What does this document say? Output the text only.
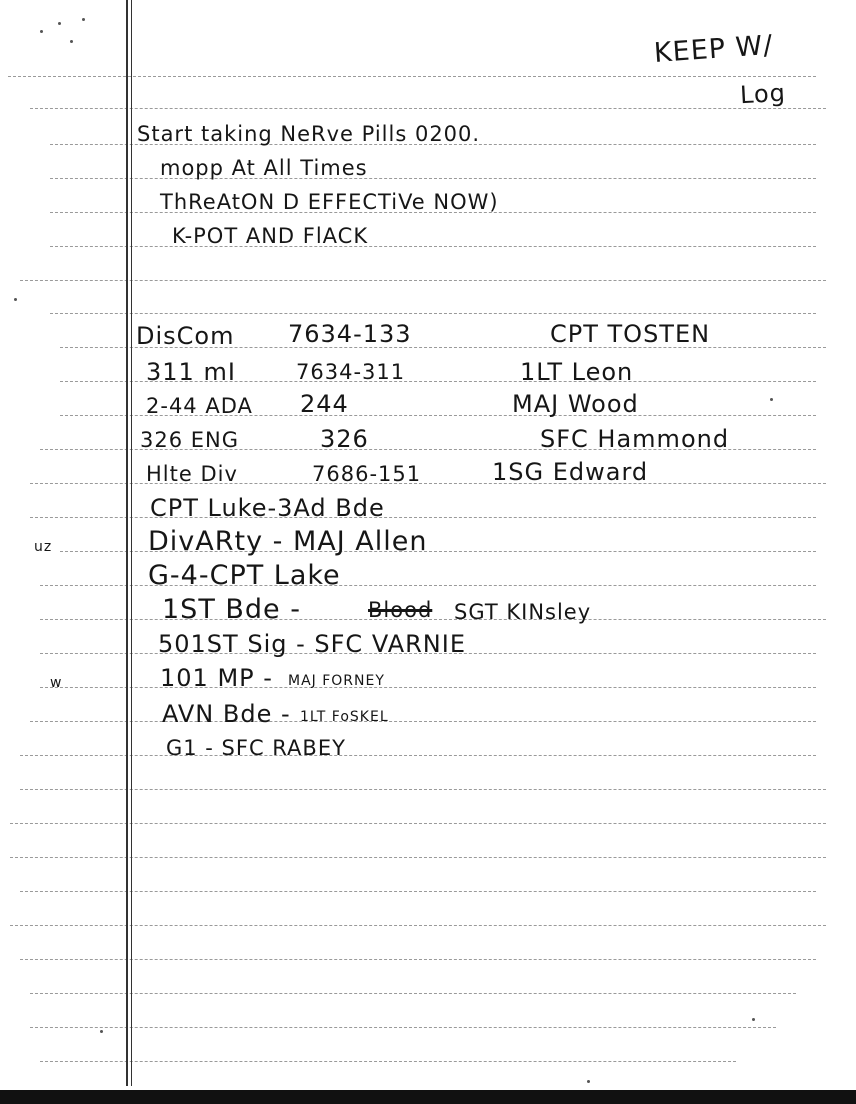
KEEP W/
Log
Start taking NeRve Pills 0200.
mopp At All Times
ThReAtON D EFFECTiVe NOW)
K-POT AND FlACK
DisCom 7634-133	CPT TOSTEN
311 mI	7634-311	1LT Leon
2-44 ADA 244	MAJ Wood
326 ENG	326	SFC Hammond
Hlte Div	7686-151	1SG Edward
CPT Luke-3Ad Bde
DivARty - MAJ Allen
G-4-CPT Lake
1ST Bde -	Blood SGT KINsley
501ST Sig - SFC VARNIE
101 MP - MAJ FORNEY
AVN Bde - 1LT FoSKEL
G1 - SFC RABEY
uz
w
